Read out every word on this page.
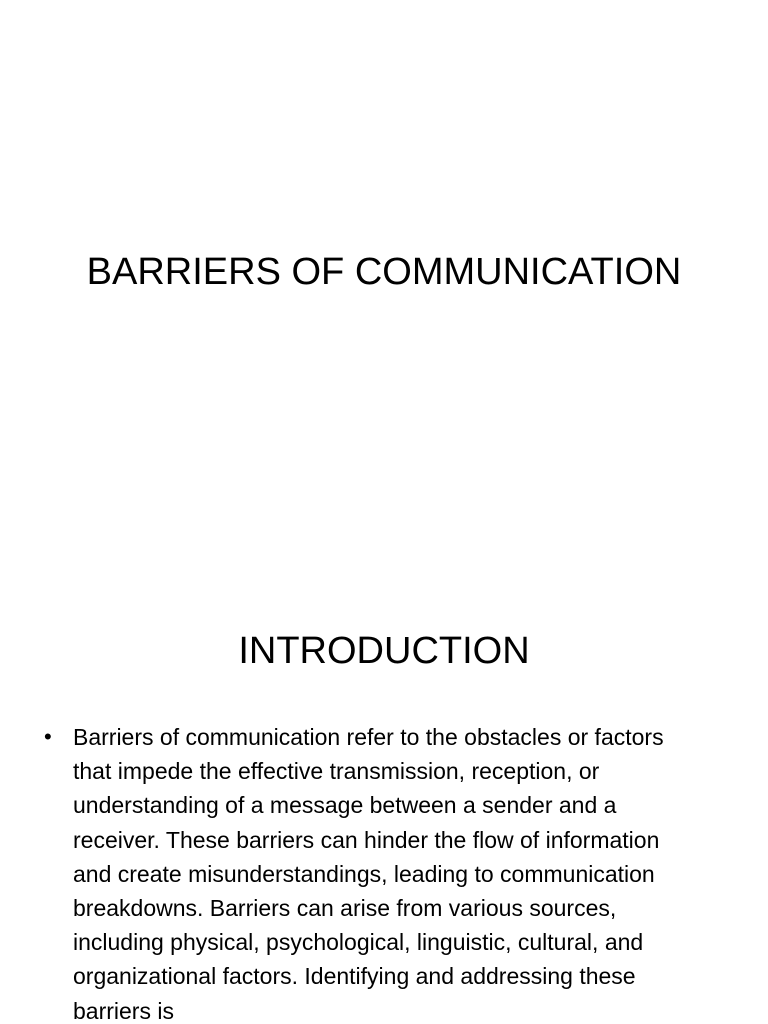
BARRIERS OF COMMUNICATION
INTRODUCTION
• Barriers of communication refer to the obstacles or factors that impede the effective transmission, reception, or understanding of a message between a sender and a receiver. These barriers can hinder the flow of information and create misunderstandings, leading to communication breakdowns. Barriers can arise from various sources, including physical, psychological, linguistic, cultural, and organizational factors. Identifying and addressing these barriers is
